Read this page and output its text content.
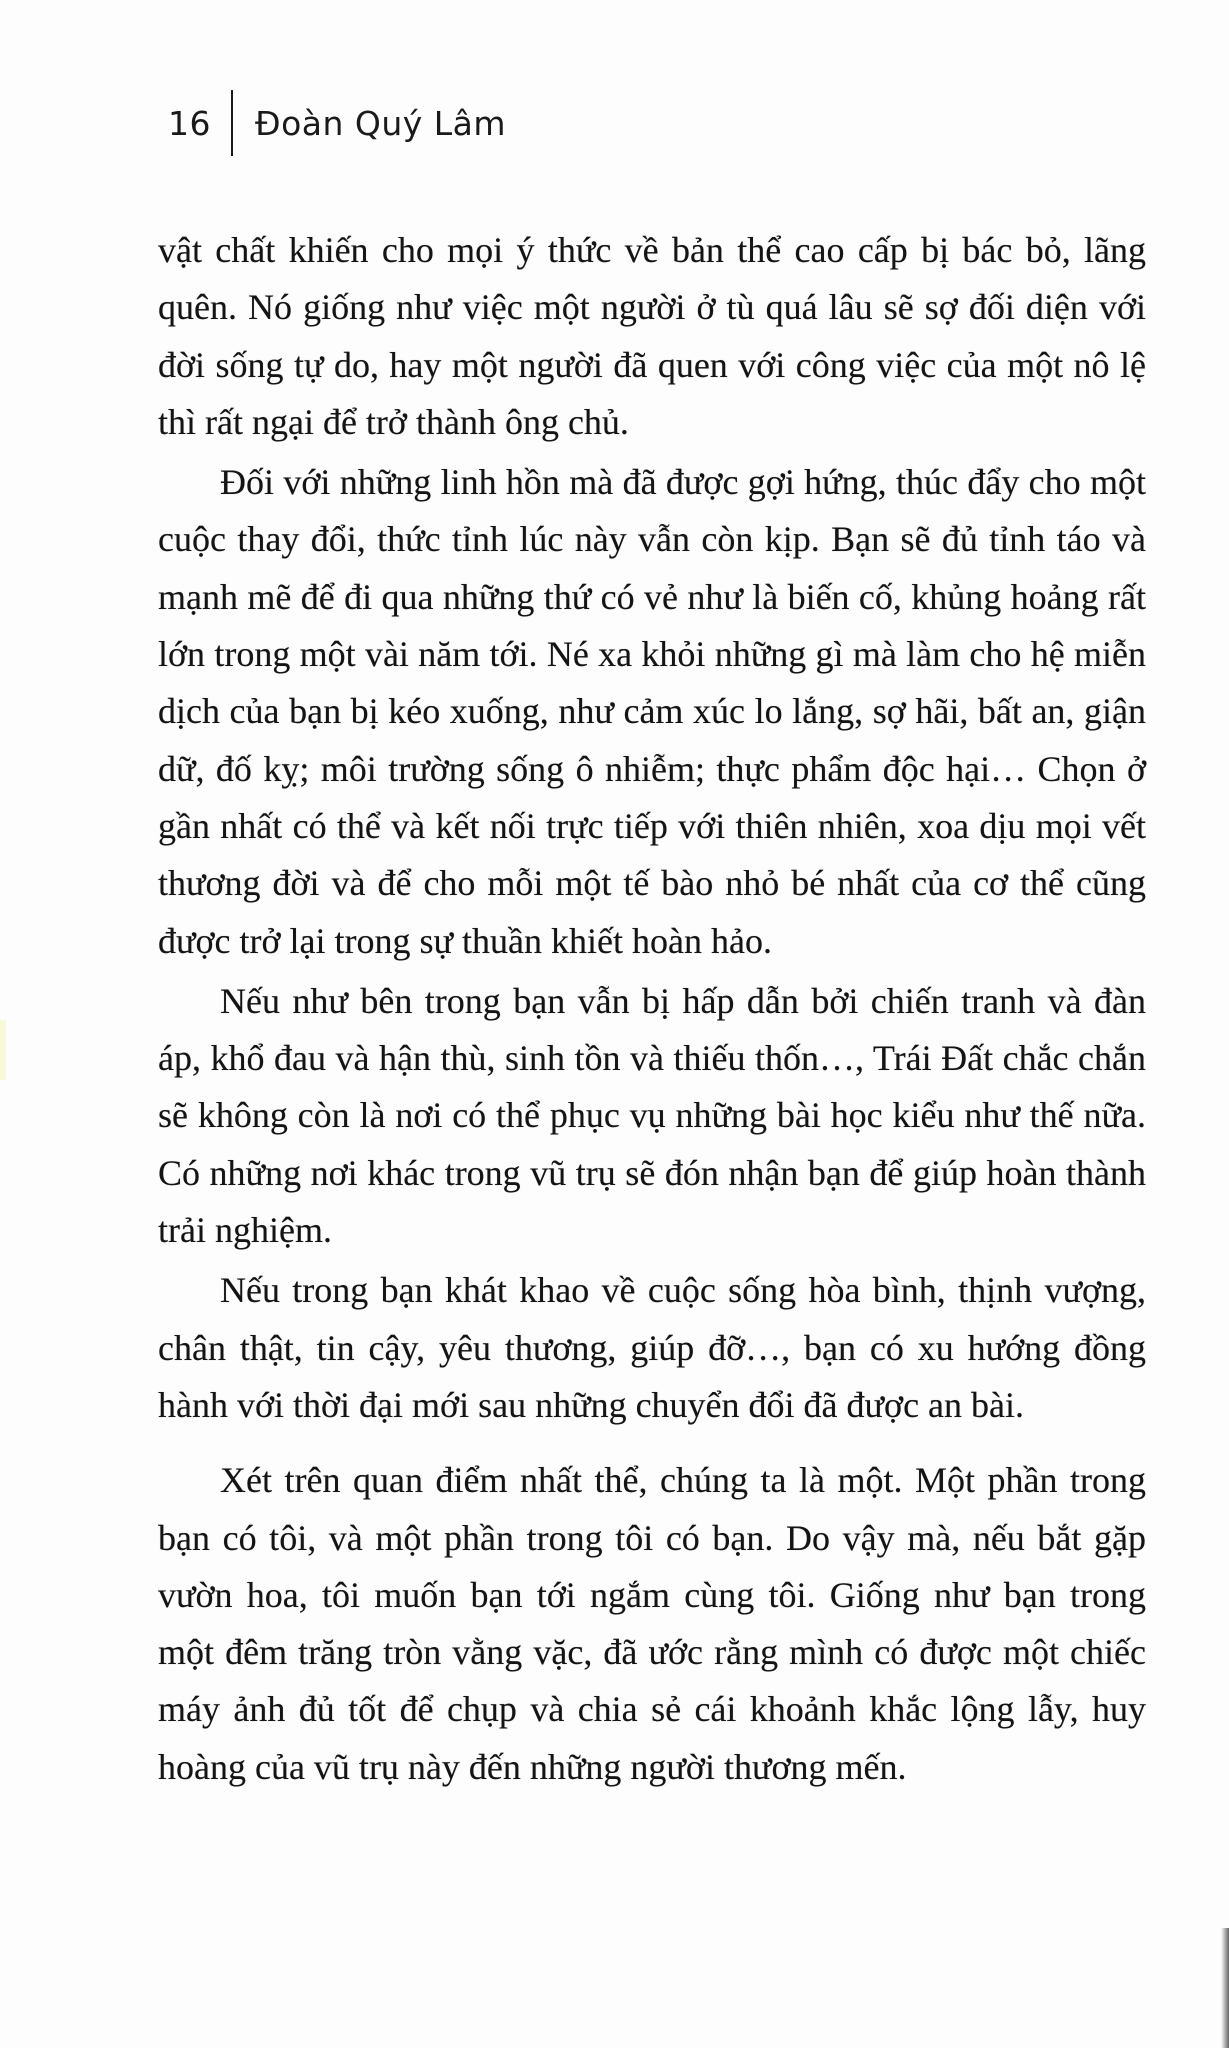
16 Đoàn Quý Lâm

vật chất khiến cho mọi ý thức về bản thể cao cấp bị bác bỏ, lãng quên. Nó giống như việc một người ở tù quá lâu sẽ sợ đối diện với đời sống tự do, hay một người đã quen với công việc của một nô lệ thì rất ngại để trở thành ông chủ.

Đối với những linh hồn mà đã được gợi hứng, thúc đẩy cho một cuộc thay đổi, thức tỉnh lúc này vẫn còn kịp. Bạn sẽ đủ tỉnh táo và mạnh mẽ để đi qua những thứ có vẻ như là biến cố, khủng hoảng rất lớn trong một vài năm tới. Né xa khỏi những gì mà làm cho hệ miễn dịch của bạn bị kéo xuống, như cảm xúc lo lắng, sợ hãi, bất an, giận dữ, đố kỵ; môi trường sống ô nhiễm; thực phẩm độc hại… Chọn ở gần nhất có thể và kết nối trực tiếp với thiên nhiên, xoa dịu mọi vết thương đời và để cho mỗi một tế bào nhỏ bé nhất của cơ thể cũng được trở lại trong sự thuần khiết hoàn hảo.

Nếu như bên trong bạn vẫn bị hấp dẫn bởi chiến tranh và đàn áp, khổ đau và hận thù, sinh tồn và thiếu thốn…, Trái Đất chắc chắn sẽ không còn là nơi có thể phục vụ những bài học kiểu như thế nữa. Có những nơi khác trong vũ trụ sẽ đón nhận bạn để giúp hoàn thành trải nghiệm.

Nếu trong bạn khát khao về cuộc sống hòa bình, thịnh vượng, chân thật, tin cậy, yêu thương, giúp đỡ…, bạn có xu hướng đồng hành với thời đại mới sau những chuyển đổi đã được an bài.

Xét trên quan điểm nhất thể, chúng ta là một. Một phần trong bạn có tôi, và một phần trong tôi có bạn. Do vậy mà, nếu bắt gặp vườn hoa, tôi muốn bạn tới ngắm cùng tôi. Giống như bạn trong một đêm trăng tròn vằng vặc, đã ước rằng mình có được một chiếc máy ảnh đủ tốt để chụp và chia sẻ cái khoảnh khắc lộng lẫy, huy hoàng của vũ trụ này đến những người thương mến.
